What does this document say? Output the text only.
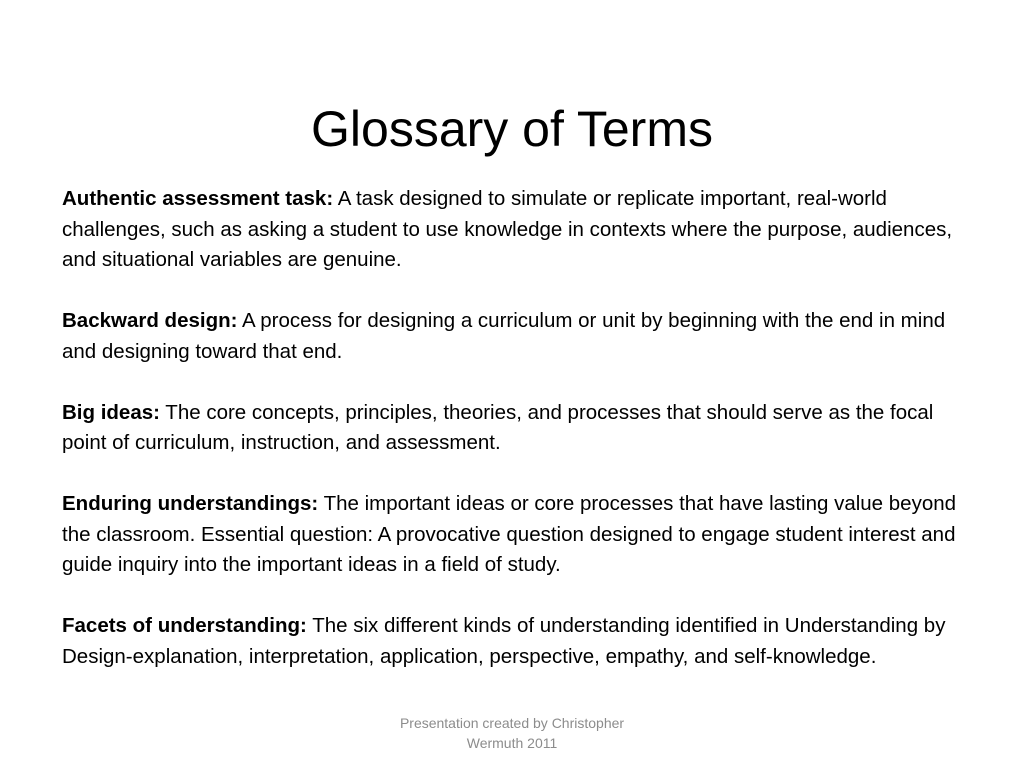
Glossary of Terms

Authentic assessment task: A task designed to simulate or replicate important, real-world challenges, such as asking a student to use knowledge in contexts where the purpose, audiences, and situational variables are genuine.

Backward design: A process for designing a curriculum or unit by beginning with the end in mind and designing toward that end.

Big ideas: The core concepts, principles, theories, and processes that should serve as the focal point of curriculum, instruction, and assessment.

Enduring understandings: The important ideas or core processes that have lasting value beyond the classroom. Essential question: A provocative question designed to engage student interest and guide inquiry into the important ideas in a field of study.

Facets of understanding: The six different kinds of understanding identified in Understanding by Design-explanation, interpretation, application, perspective, empathy, and self-knowledge.

Presentation created by Christopher
Wermuth 2011
